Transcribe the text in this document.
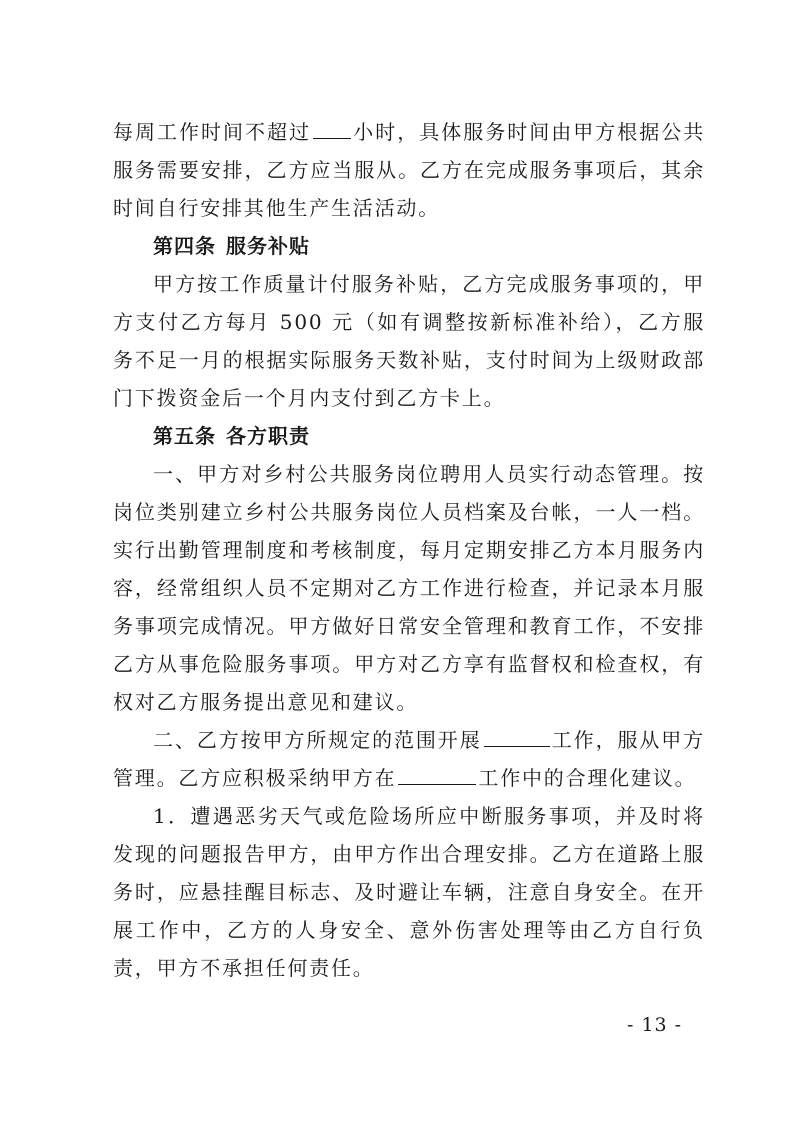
每周工作时间不超过 小时，具体服务时间由甲方根据公共服务需要安排，乙方应当服从。乙方在完成服务事项后，其余时间自行安排其他生产生活活动。

第四条 服务补贴

甲方按工作质量计付服务补贴，乙方完成服务事项的，甲方支付乙方每月 500 元（如有调整按新标准补给），乙方服务不足一月的根据实际服务天数补贴，支付时间为上级财政部门下拨资金后一个月内支付到乙方卡上。

第五条 各方职责

一、甲方对乡村公共服务岗位聘用人员实行动态管理。按岗位类别建立乡村公共服务岗位人员档案及台帐，一人一档。实行出勤管理制度和考核制度，每月定期安排乙方本月服务内容，经常组织人员不定期对乙方工作进行检查，并记录本月服务事项完成情况。甲方做好日常安全管理和教育工作，不安排乙方从事危险服务事项。甲方对乙方享有监督权和检查权，有权对乙方服务提出意见和建议。

二、乙方按甲方所规定的范围开展	工作，服从甲方管理。乙方应积极采纳甲方在	工作中的合理化建议。

1．遭遇恶劣天气或危险场所应中断服务事项，并及时将发现的问题报告甲方，由甲方作出合理安排。乙方在道路上服务时，应悬挂醒目标志、及时避让车辆，注意自身安全。在开展工作中，乙方的人身安全、意外伤害处理等由乙方自行负责，甲方不承担任何责任。

- 13 -
